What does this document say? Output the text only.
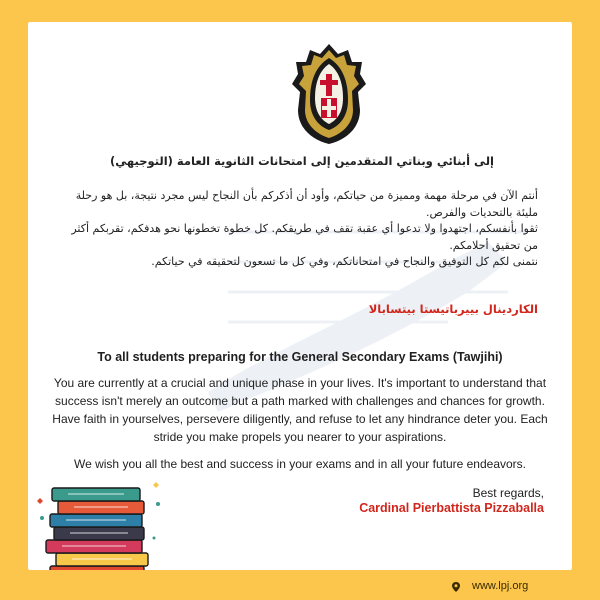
إلى أبنائي وبناتي المتقدمين إلى امتحانات الثانوية العامة (التوجيهي)

أنتم الآن في مرحلة مهمة ومميزة من حياتكم، وأود أن أذكركم بأن النجاح ليس مجرد نتيجة، بل هو رحلة مليئة بالتحديات والفرص.

ثقوا بأنفسكم، اجتهدوا ولا تدعوا أي عقبة تقف في طريقكم. كل خطوة تخطونها نحو هدفكم، تقربكم أكثر من تحقيق أحلامكم.

نتمنى لكم كل التوفيق والنجاح في امتحاناتكم، وفي كل ما تسعون لتحقيقه في حياتكم.

الكاردينال بييرباتيستا بيتسابالا
To all students preparing for the General Secondary Exams (Tawjihi)
You are currently at a crucial and unique phase in your lives. It's important to understand that success isn't merely an outcome but a path marked with challenges and chances for growth. Have faith in yourselves, persevere diligently, and refuse to let any hindrance deter you. Each stride you make propels you nearer to your aspirations.
We wish you all the best and success in your exams and in all your future endeavors.
Best regards,
Cardinal Pierbattista Pizzaballa
www.lpj.org
